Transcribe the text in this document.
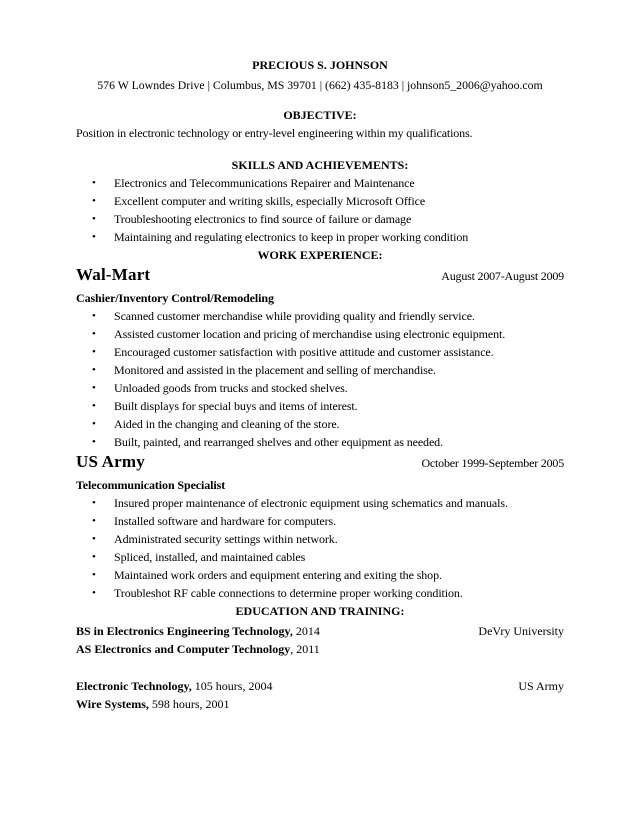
PRECIOUS S. JOHNSON
576 W Lowndes Drive | Columbus, MS 39701 | (662) 435-8183 | johnson5_2006@yahoo.com
OBJECTIVE:
Position in electronic technology or entry-level engineering within my qualifications.
SKILLS AND ACHIEVEMENTS:
• Electronics and Telecommunications Repairer and Maintenance
• Excellent computer and writing skills, especially Microsoft Office
• Troubleshooting electronics to find source of failure or damage
• Maintaining and regulating electronics to keep in proper working condition
WORK EXPERIENCE:
Wal-Mart	August 2007-August 2009
Cashier/Inventory Control/Remodeling
• Scanned customer merchandise while providing quality and friendly service.
• Assisted customer location and pricing of merchandise using electronic equipment.
• Encouraged customer satisfaction with positive attitude and customer assistance.
• Monitored and assisted in the placement and selling of merchandise.
• Unloaded goods from trucks and stocked shelves.
• Built displays for special buys and items of interest.
• Aided in the changing and cleaning of the store.
• Built, painted, and rearranged shelves and other equipment as needed.
US Army	October 1999-September 2005
Telecommunication Specialist
• Insured proper maintenance of electronic equipment using schematics and manuals.
• Installed software and hardware for computers.
• Administrated security settings within network.
• Spliced, installed, and maintained cables
• Maintained work orders and equipment entering and exiting the shop.
• Troubleshot RF cable connections to determine proper working condition.
EDUCATION AND TRAINING:
BS in Electronics Engineering Technology, 2014	DeVry University
AS Electronics and Computer Technology, 2011
Electronic Technology, 105 hours, 2004	US Army
Wire Systems, 598 hours, 2001
